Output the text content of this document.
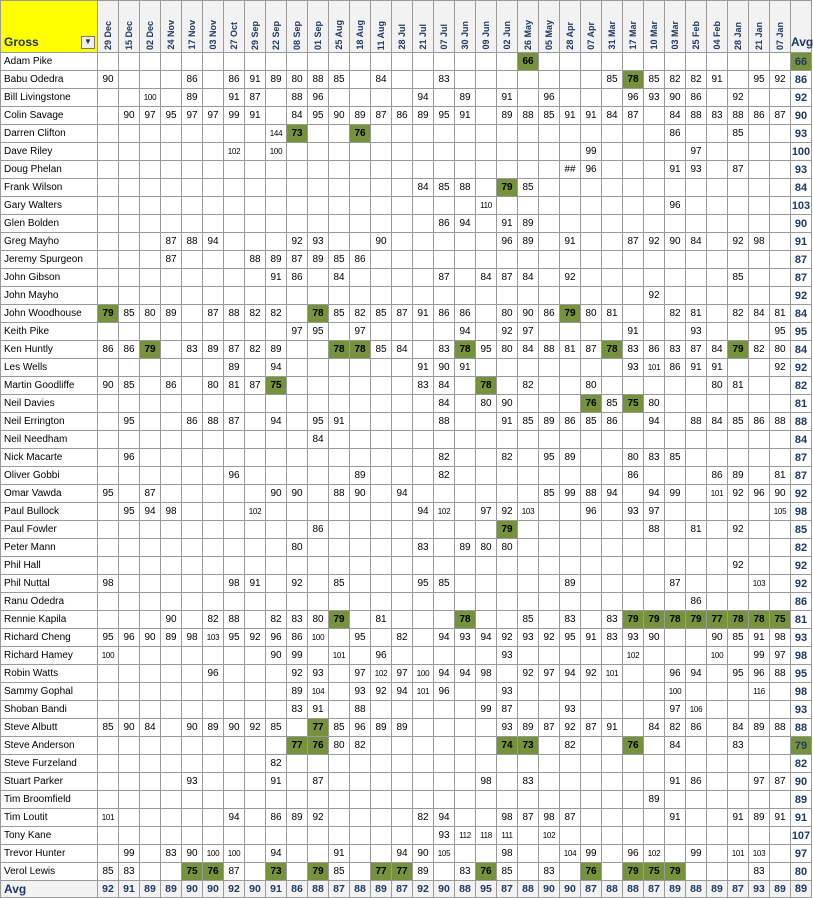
Gross ▼	29 Dec	15 Dec	02 Dec	24 Nov	17 Nov	03 Nov	27 Oct	29 Sep	22 Sep	08 Sep	01 Sep	25 Aug	18 Aug	11 Aug	28 Jul	21 Jul	07 Jul	30 Jun	09 Jun	02 Jun	26 May	05 May	28 Apr	07 Apr	31 Mar	17 Mar	10 Mar	03 Mar	25 Feb	04 Feb	28 Jan	21 Jan	07 Jan	Avg
Adam Pike																					66													66
Babu Odedra	90				86		86	91	89	80	88	85		84			83								85	78	85	82	82	91		95	92	86
Bill Livingstone			100		89		91	87		88	96					94		89		91		96				96	93	90	86		92			92
Colin Savage		90	97	95	97	97	99	91		84	95	90	89	87	86	89	95	91		89	88	85	91	91	84	87		84	88	83	88	86	87	90
Darren Clifton									144	73			76															86			85			93
Dave Riley							102		100															99					97					100
Doug Phelan																							##	96				91	93		87			93
Frank Wilson																84	85	88		79	85													84
Gary Walters																			110									96						103
Glen Bolden																	86	94		91	89													90
Greg Mayho				87	88	94				92	93			90						96	89		91			87	92	90	84		92	98		91
Jeremy Spurgeon				87				88	89	87	89	85	86																					87
John Gibson									91	86		84					87		84	87	84		92								85			87
John Mayho																											92							92
John Woodhouse	79	85	80	89		87	88	82	82		78	85	82	85	87	91	86	86		80	90	86	79	80	81			82	81		82	84	81	84
Keith Pike										97	95		97					94		92	97					91			93				95	95
Ken Huntly	86	86	79		83	89	87	82	89			78	78	85	84		83	78	95	80	84	88	81	87	78	83	86	83	87	84	79	82	80	84
Les Wells							89		94							91	90	91								93	101	86	91	91			92	92
Martin Goodliffe	90	85		86		80	81	87	75							83	84		78		82			80						80	81			82
Neil Davies																	84		80	90				76	85	75	80							81
Neil Errington		95			86	88	87		94		95	91					88			91	85	89	86	85	86		94		88	84	85	86	88	88
Neil Needham											84																							84
Nick Macarte		96															82			82		95	89			80	83	85						87
Oliver Gobbi							96						89				82									86				86	89		81	87
Omar Vawda	95		87						90	90		88	90		94							85	99	88	94		94	99		101	92	96	90	92
Paul Bullock		95	94	98				102								94	102		97	92	103			96		93	97						105	98
Paul Fowler											86									79							88		81		92			85
Peter Mann										80						83		89	80	80														82
Phil Hall																															92			92
Phil Nuttal	98						98	91		92		85				95	85						89					87				103		92
Ranu Odedra																													86					86
Rennie Kapila				90		82	88		82	83	80	79		81				78			85		83		83	79	79	78	79	77	78	78	75	81
Richard Cheng	95	96	90	89	98	103	95	92	96	86	100		95		82		94	93	94	92	93	92	95	91	83	93	90			90	85	91	98	93
Richard Hamey	100								90	99		101		96						93						102				100		99	97	98
Robin Watts						96				92	93		97	102	97	100	94	94	98		92	97	94	92	101			96	94		95	96	88	95
Sammy Gophal										89	104		93	92	94	101	96			93								100				116		98
Shoban Bandi										83	91		88						99	87			93					97	106					93
Steve Albutt	85	90	84		90	89	90	92	85		77	85	96	89	89					93	89	87	92	87	91		84	82	86		84	89	88	88
Steve Anderson										77	76	80	82							74	73		82			76		84			83			79
Steve Furzeland									82																									82
Stuart Parker					93				91		87								98		83							91	86			97	87	90
Tim Broomfield																											89							89
Tim Loutit	101						94		86	89	92					82	94			98	87	98	87					91			91	89	91	91
Tony Kane																	93	112	118	111		102												107
Trevor Hunter		99		83	90	100	100		94			91			94	90	105			98			104	99		96	102		99		101	103		97
Verol Lewis	85	83			75	76	87		73		79	85		77	77	89		83	76	85		83		76		79	75	79				83		80
Avg	92	91	89	89	90	90	92	90	91	86	88	87	88	89	87	92	90	88	95	87	88	90	90	87	88	88	87	89	88	89	87	93	89	89
